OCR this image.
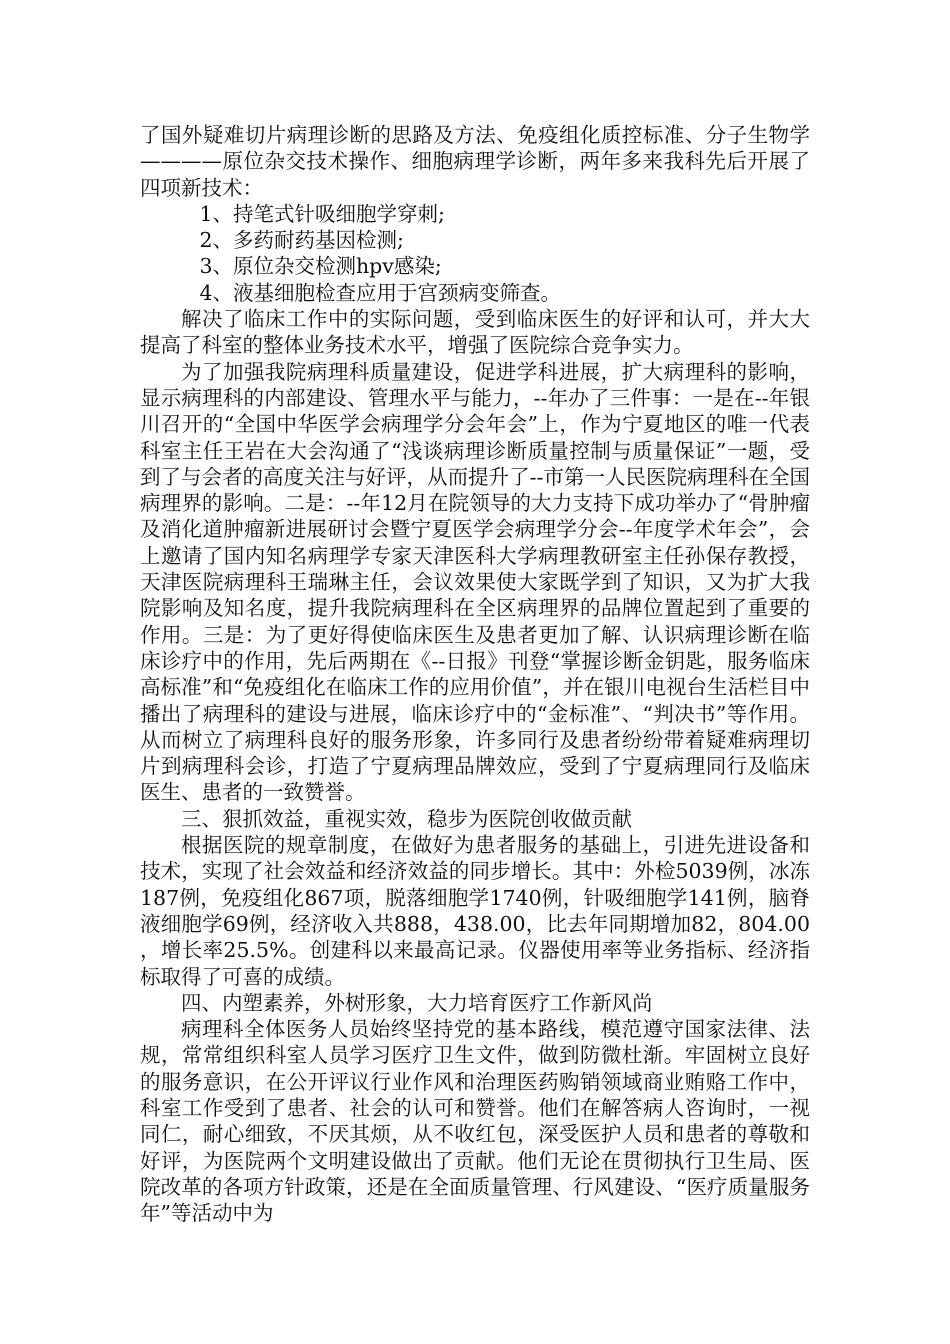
了国外疑难切片病理诊断的思路及方法、免疫组化质控标准、分子生物学————原位杂交技术操作、细胞病理学诊断，两年多来我科先后开展了四项新技术：

1、持笔式针吸细胞学穿刺;

2、多药耐药基因检测;

3、原位杂交检测hpv感染;

4、液基细胞检查应用于宫颈病变筛查。

解决了临床工作中的实际问题，受到临床医生的好评和认可，并大大提高了科室的整体业务技术水平，增强了医院综合竞争实力。

为了加强我院病理科质量建设，促进学科进展，扩大病理科的影响，显示病理科的内部建设、管理水平与能力，--年办了三件事：一是在--年银川召开的“全国中华医学会病理学分会年会”上，作为宁夏地区的唯一代表科室主任王岩在大会沟通了“浅谈病理诊断质量控制与质量保证”一题，受到了与会者的高度关注与好评，从而提升了--市第一人民医院病理科在全国病理界的影响。二是：--年12月在院领导的大力支持下成功举办了“骨肿瘤及消化道肿瘤新进展研讨会暨宁夏医学会病理学分会--年度学术年会”，会上邀请了国内知名病理学专家天津医科大学病理教研室主任孙保存教授，天津医院病理科王瑞琳主任，会议效果使大家既学到了知识，又为扩大我院影响及知名度，提升我院病理科在全区病理界的品牌位置起到了重要的作用。三是：为了更好得使临床医生及患者更加了解、认识病理诊断在临床诊疗中的作用，先后两期在《--日报》刊登“掌握诊断金钥匙，服务临床高标准”和“免疫组化在临床工作的应用价值”，并在银川电视台生活栏目中播出了病理科的建设与进展，临床诊疗中的“金标准”、“判决书”等作用。从而树立了病理科良好的服务形象，许多同行及患者纷纷带着疑难病理切片到病理科会诊，打造了宁夏病理品牌效应，受到了宁夏病理同行及临床医生、患者的一致赞誉。

三、狠抓效益，重视实效，稳步为医院创收做贡献

根据医院的规章制度，在做好为患者服务的基础上，引进先进设备和技术，实现了社会效益和经济效益的同步增长。其中：外检5039例，冰冻187例，免疫组化867项，脱落细胞学1740例，针吸细胞学141例，脑脊液细胞学69例，经济收入共888，438.00，比去年同期增加82，804.00，增长率25.5%。创建科以来最高记录。仪器使用率等业务指标、经济指标取得了可喜的成绩。

四、内塑素养，外树形象，大力培育医疗工作新风尚

病理科全体医务人员始终坚持党的基本路线，模范遵守国家法律、法规，常常组织科室人员学习医疗卫生文件，做到防微杜渐。牢固树立良好的服务意识，在公开评议行业作风和治理医药购销领域商业贿赂工作中，科室工作受到了患者、社会的认可和赞誉。他们在解答病人咨询时，一视同仁，耐心细致，不厌其烦，从不收红包，深受医护人员和患者的尊敬和好评，为医院两个文明建设做出了贡献。他们无论在贯彻执行卫生局、医院改革的各项方针政策，还是在全面质量管理、行风建设、“医疗质量服务年”等活动中为
